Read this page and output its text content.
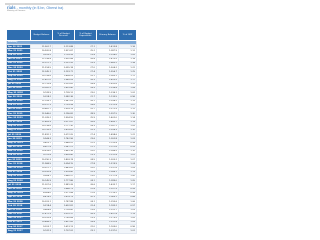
rials - monthly (in $ bn, Oberst ba)
Ministry of Finance
	Budget Balance	% of Budget Revenue	% of Budget Expenditure	Primary Balance	% of GDP
Monthly					
Apr 30 2021	11,561.7	2,113.88	27.1	1,413.8	1.16
Mar 31 2021	10,920.8	1,921.87	25.2	1,387.9	1.12
Feb 28 2021	9,935.5	1,703.26	23.4	1,258.0	1.05
Jan 31 2021	11,198.4	1,932.44	26.8	1,470.5	1.18
Dec 31 2020	13,072.1	2,291.95	29.9	1,683.2	1.34
Nov 30 2020	11,914.5	2,055.18	27.0	1,504.2	1.22
Oct 31 2020	12,245.1	2,133.71	27.4	1,556.7	1.25
Sep 30 2020	10,758.6	1,894.03	25.1	1,365.1	1.11
Aug 31 2020	11,407.0	1,985.09	26.3	1,420.5	1.17
Jul 31 2020	12,733.8	2,225.82	28.8	1,632.6	1.31
Jun 30 2020	10,382.5	1,825.40	24.9	1,336.8	1.08
May 31 2020	9,745.9	1,709.12	23.0	1,236.1	1.02
Apr 30 2020	9,018.2	1,582.36	21.7	1,135.5	0.96
Mar 31 2020	11,104.1	1,947.63	26.1	1,398.2	1.15
Feb 29 2020	10,237.3	1,793.58	24.6	1,312.4	1.07
Jan 31 2020	10,881.7	1,903.19	25.7	1,372.9	1.12
Dec 31 2019	12,546.0	2,196.82	28.9	1,597.5	1.30
Nov 30 2019	11,039.2	1,934.55	25.9	1,402.0	1.14
Oct 31 2019	11,483.9	2,011.47	26.6	1,445.7	1.19
Sep 30 2019	10,134.6	1,777.30	24.3	1,287.1	1.05
Aug 31 2019	10,726.5	1,878.41	25.3	1,354.3	1.10
Jul 31 2019	11,832.1	2,072.05	27.4	1,498.6	1.22
Jun 30 2019	9,946.3	1,742.96	23.6	1,262.8	1.03
May 31 2019	9,403.7	1,648.02	22.5	1,193.4	0.98
Apr 30 2019	8,827.4	1,547.21	21.1	1,121.6	0.93
Mar 31 2019	10,614.0	1,861.36	25.0	1,344.5	1.10
Feb 28 2019	9,702.8	1,699.40	23.3	1,231.8	1.01
Jan 31 2019	10,290.3	1,803.74	24.5	1,305.2	1.07
Dec 31 2018	11,968.5	2,094.15	27.8	1,519.9	1.24
Nov 30 2018	10,521.7	1,843.62	25.0	1,337.6	1.09
Oct 31 2018	10,935.4	1,914.80	25.9	1,386.1	1.13
Sep 30 2018	9,588.1	1,680.57	23.0	1,217.4	1.00
Aug 31 2018	10,145.9	1,777.86	24.1	1,289.0	1.05
Jul 31 2018	11,307.6	1,981.26	26.6	1,433.7	1.17
Jun 30 2018	9,512.2	1,666.73	22.8	1,207.9	0.99
May 31 2018	8,968.0	1,571.44	21.6	1,139.2	0.94
Apr 30 2018	8,416.5	1,474.79	20.3	1,069.1	0.88
Mar 31 2018	10,203.1	1,787.88	24.1	1,295.6	1.06
Feb 28 2018	9,318.4	1,632.81	22.4	1,183.2	0.97
Jan 31 2018	9,864.6	1,728.60	23.6	1,252.7	1.03
Dec 31 2017	11,472.9	2,010.37	26.9	1,457.4	1.19
Nov 30 2017	10,076.4	1,765.68	23.9	1,279.5	1.05
Oct 31 2017	10,488.2	1,837.85	24.8	1,331.8	1.09
Sep 30 2017	9,205.7	1,613.13	22.0	1,169.0	0.96
Aug 31 2017	9,741.3	1,707.02	23.1	1,237.0	1.01
